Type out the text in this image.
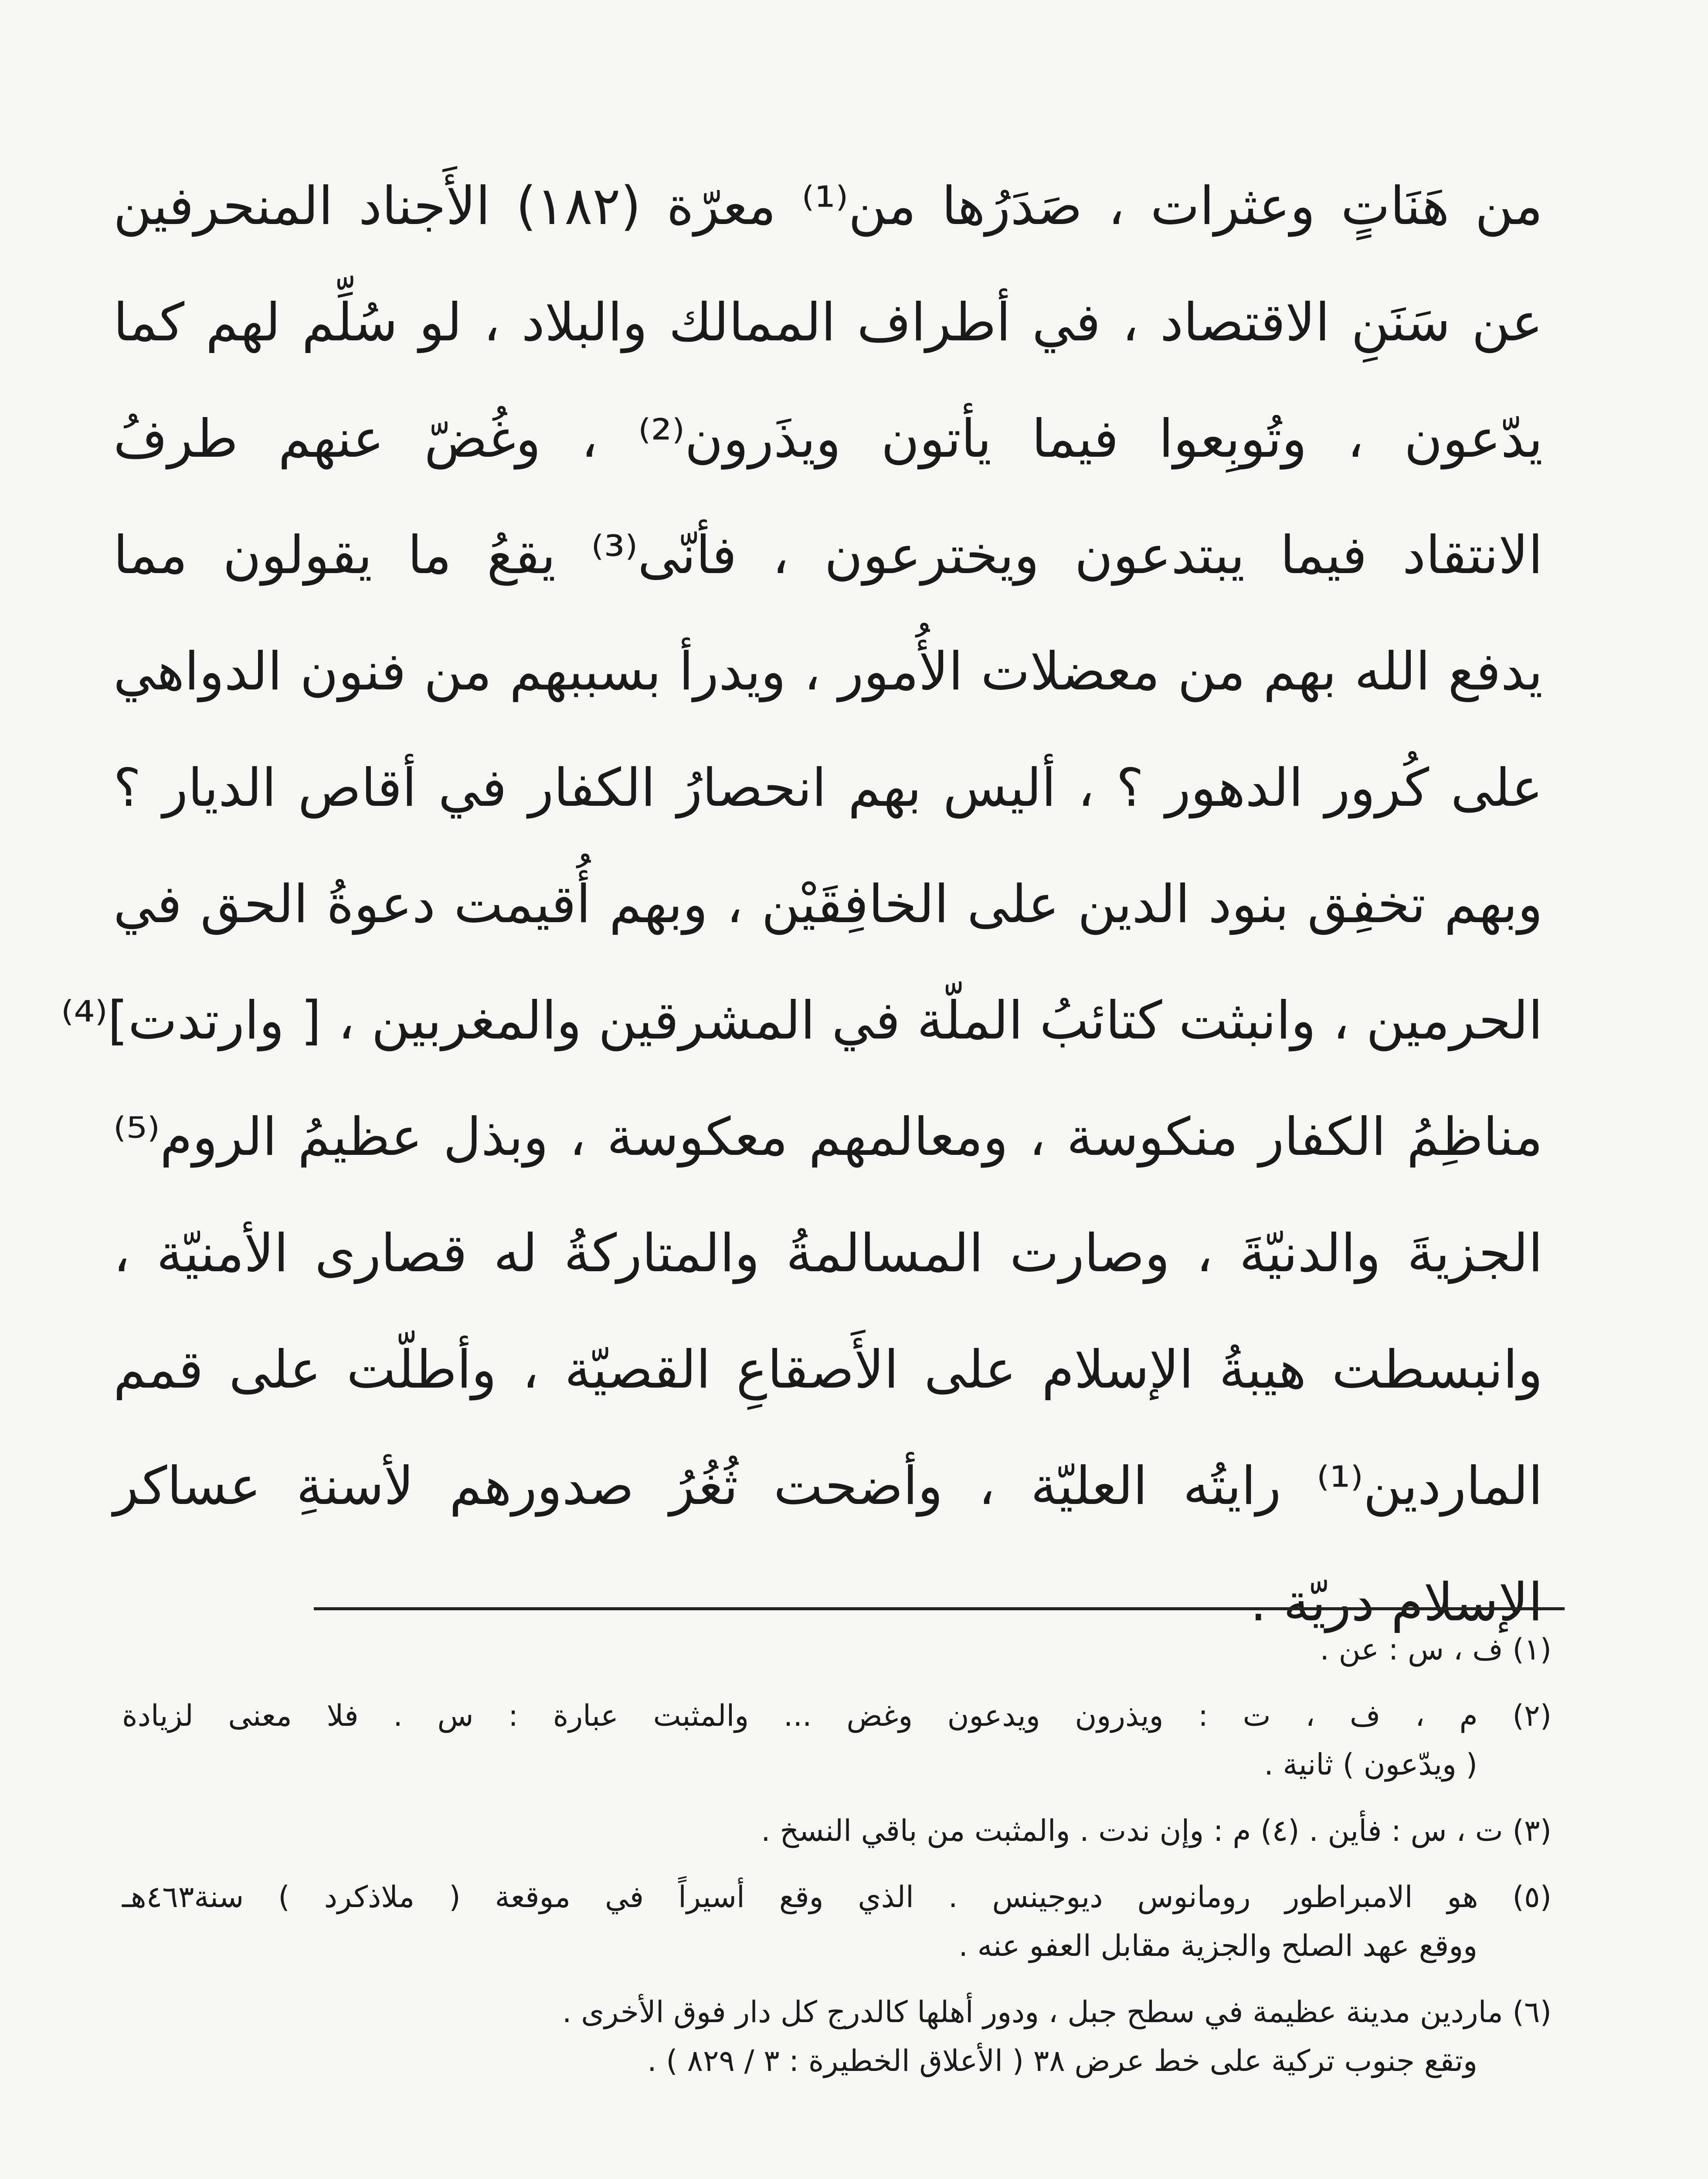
من هَنَاتٍ وعثرات ، صَدَرُها من⁽¹⁾ معرّة (١٨٢) الأَجناد المنحرفين
عن سَنَنِ الاقتصاد ، في أطراف الممالك والبلاد ، لو سُلِّم لهم كما
يدّعون ، وتُوبِعوا فيما يأتون ويذَرون⁽²⁾ ، وغُضّ عنهم طرفُ
الانتقاد فيما يبتدعون ويخترعون ، فأنّى⁽³⁾ يقعُ ما يقولون مما
يدفع الله بهم من معضلات الأُمور ، ويدرأ بسببهم من فنون الدواهي
على كُرور الدهور ؟ ، أليس بهم انحصارُ الكفار في أقاص الديار ؟
وبهم تخفِق بنود الدين على الخافِقَيْن ، وبهم أُقيمت دعوةُ الحق في
الحرمين ، وانبثت كتائبُ الملّة في المشرقين والمغربين ، [ وارتدت]⁽⁴⁾
مناظِمُ الكفار منكوسة ، ومعالمهم معكوسة ، وبذل عظيمُ الروم⁽⁵⁾
الجزيةَ والدنيّةَ ، وصارت المسالمةُ والمتاركةُ له قصارى الأمنيّة ،
وانبسطت هيبةُ الإسلام على الأَصقاعِ القصيّة ، وأطلّت على قمم
الماردين⁽¹⁾ رايتُه العليّة ، وأضحت ثُغُرُ صدورهم لأسنةِ عساكر
الإسلام دريّة .
(١) ف ، س : عن .
(٢) م ، ف ، ت : ويذرون ويدعون وغض ... والمثبت عبارة : س . فلا معنى لزيادة
( ويدّعون ) ثانية .
(٣) ت ، س : فأين . (٤) م : وإن ندت . والمثبت من باقي النسخ .
(٥) هو الامبراطور رومانوس ديوجينس . الذي وقع أسيراً في موقعة ( ملاذكرد ) سنة٤٦٣هـ
ووقع عهد الصلح والجزية مقابل العفو عنه .
(٦) ماردين مدينة عظيمة في سطح جبل ، ودور أهلها كالدرج كل دار فوق الأخرى .
وتقع جنوب تركية على خط عرض ٣٨ ( الأعلاق الخطيرة : ٣ / ٨٢٩ ) .
